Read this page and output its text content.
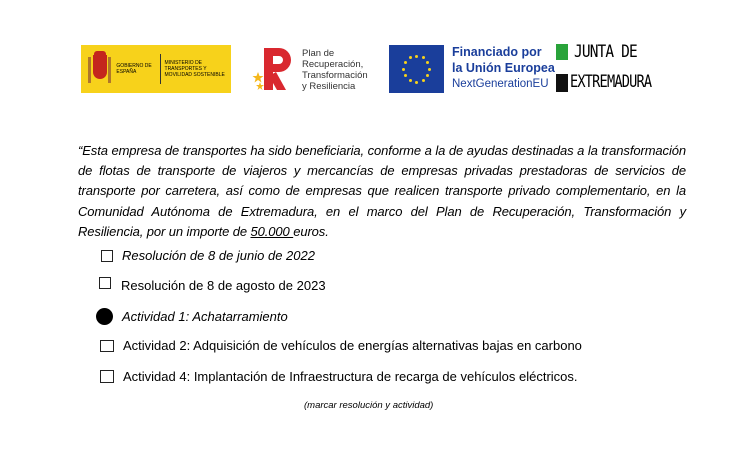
GOBIERNO DE ESPAÑA
MINISTERIO DE TRANSPORTES Y MOVILIDAD SOSTENIBLE
Plan de
Recuperación,
Transformación
y Resiliencia
Financiado por
la Unión Europea
NextGenerationEU
JUNTA DE
EXTREMADURA
“Esta empresa de transportes ha sido beneficiaria, conforme a la de ayudas destinadas a la transformación de flotas de transporte de viajeros y mercancías de empresas privadas prestadoras de servicios de transporte por carretera, así como de empresas que realicen transporte privado complementario, en la Comunidad Autónoma de Extremadura, en el marco del Plan de Recuperación, Transformación y Resiliencia, por un importe de 50.000 euros.
Resolución de 8 de junio de 2022
Resolución de 8 de agosto de 2023
Actividad 1: Achatarramiento
Actividad 2: Adquisición de vehículos de energías alternativas bajas en carbono
Actividad 4: Implantación de Infraestructura de recarga de vehículos eléctricos.
(marcar resolución y actividad)
